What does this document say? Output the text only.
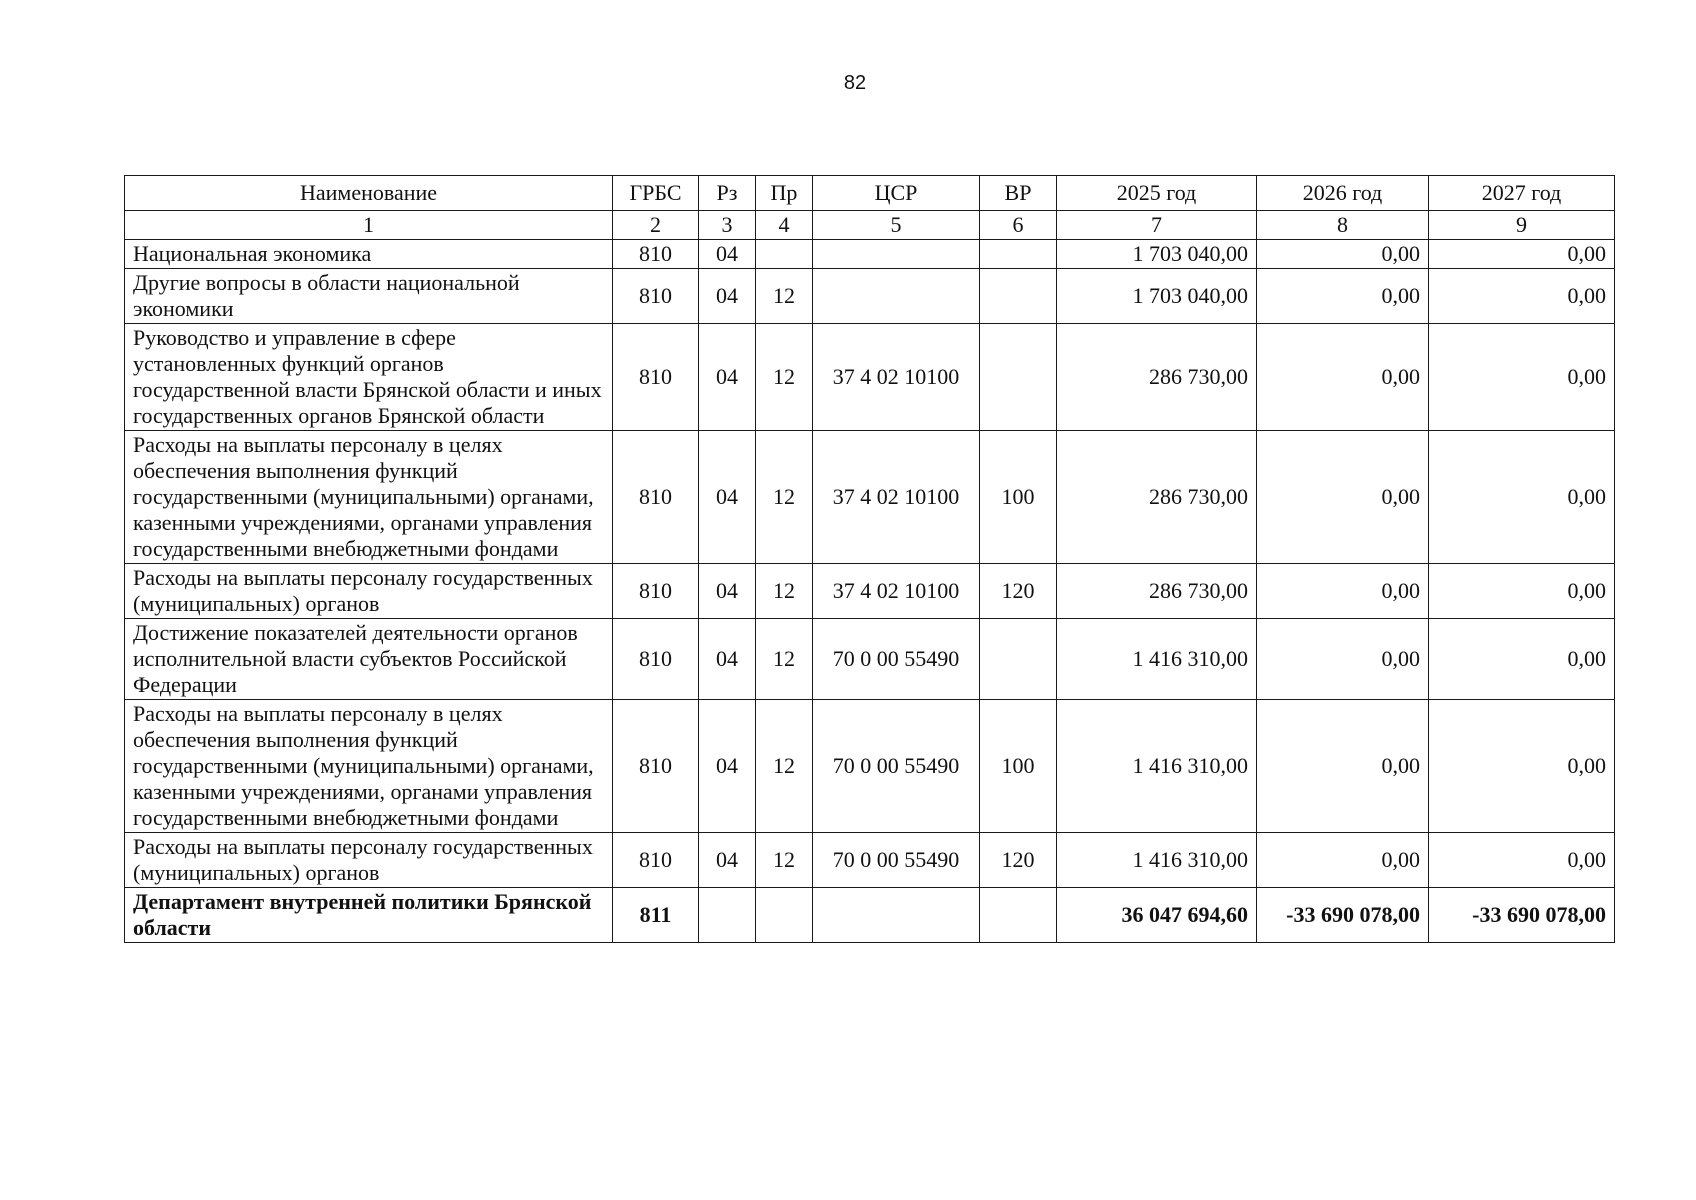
82
Наименование	ГРБС	Рз	Пр	ЦСР	ВР	2025 год	2026 год	2027 год
1	2	3	4	5	6	7	8	9
Национальная экономика	810	04				1 703 040,00	0,00	0,00
Другие вопросы в области национальной экономики	810	04	12			1 703 040,00	0,00	0,00
Руководство и управление в сфере установленных функций органов государственной власти Брянской области и иных государственных органов Брянской области	810	04	12	37 4 02 10100		286 730,00	0,00	0,00
Расходы на выплаты персоналу в целях обеспечения выполнения функций государственными (муниципальными) органами, казенными учреждениями, органами управления государственными внебюджетными фондами	810	04	12	37 4 02 10100	100	286 730,00	0,00	0,00
Расходы на выплаты персоналу государственных (муниципальных) органов	810	04	12	37 4 02 10100	120	286 730,00	0,00	0,00
Достижение показателей деятельности органов исполнительной власти субъектов Российской Федерации	810	04	12	70 0 00 55490		1 416 310,00	0,00	0,00
Расходы на выплаты персоналу в целях обеспечения выполнения функций государственными (муниципальными) органами, казенными учреждениями, органами управления государственными внебюджетными фондами	810	04	12	70 0 00 55490	100	1 416 310,00	0,00	0,00
Расходы на выплаты персоналу государственных (муниципальных) органов	810	04	12	70 0 00 55490	120	1 416 310,00	0,00	0,00
Департамент внутренней политики Брянской области	811					36 047 694,60	-33 690 078,00	-33 690 078,00
